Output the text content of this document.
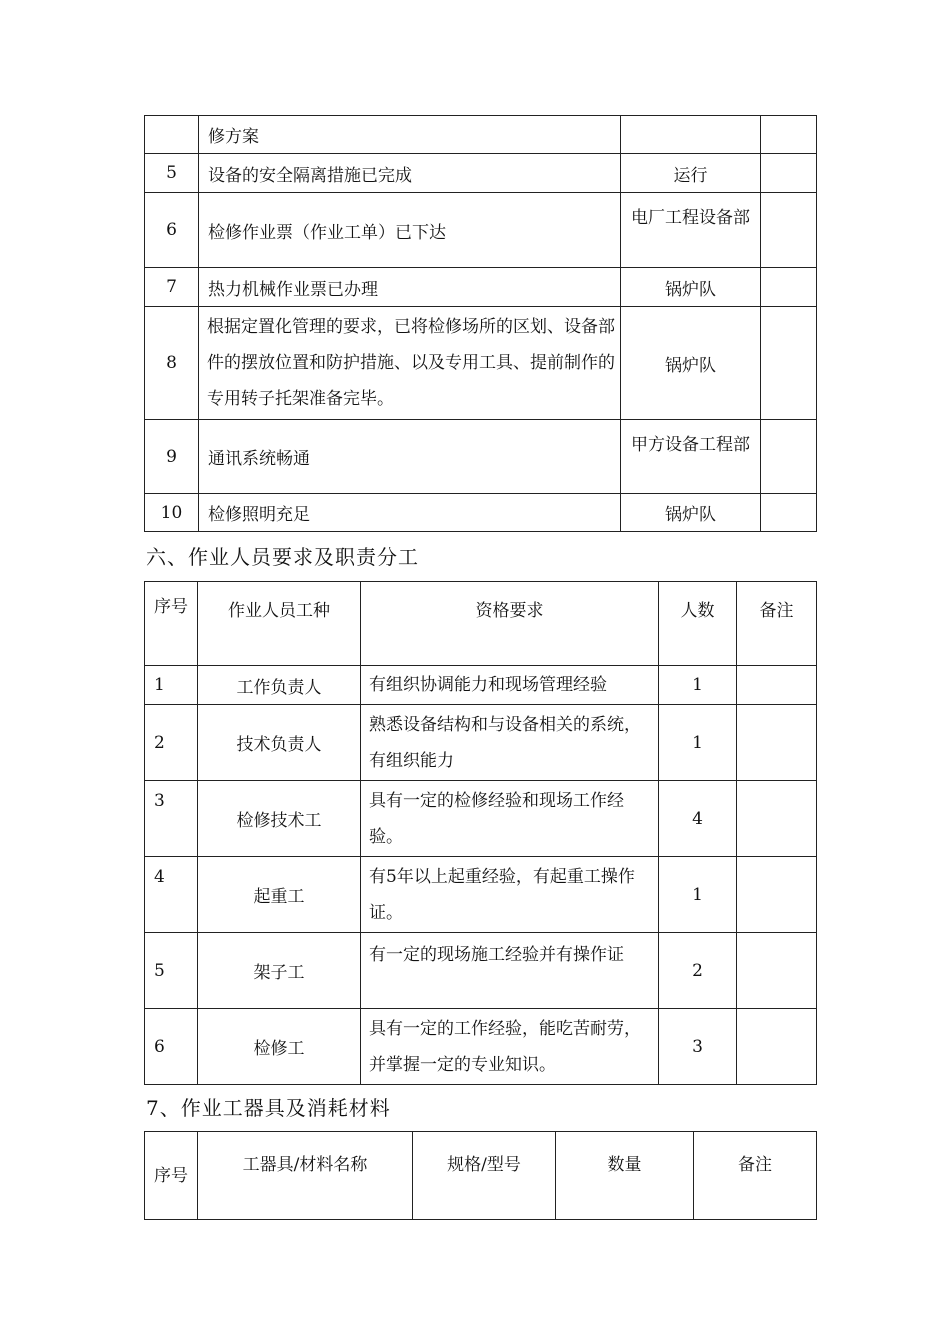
	修方案		
5	设备的安全隔离措施已完成	运行	
6	检修作业票（作业工单）已下达	电厂工程设备部	
7	热力机械作业票已办理	锅炉队	
8	根据定置化管理的要求，已将检修场所的区划、设备部件的摆放位置和防护措施、以及专用工具、提前制作的专用转子托架准备完毕。	锅炉队	
9	通讯系统畅通	甲方设备工程部	
10	检修照明充足	锅炉队	
六、作业人员要求及职责分工
序号	作业人员工种	资格要求	人数	备注
1	工作负责人	有组织协调能力和现场管理经验	1	
2	技术负责人	熟悉设备结构和与设备相关的系统，有组织能力	1	
3	检修技术工	具有一定的检修经验和现场工作经验。	4	
4	起重工	有5年以上起重经验，有起重工操作证。	1	
5	架子工	有一定的现场施工经验并有操作证	2	
6	检修工	具有一定的工作经验，能吃苦耐劳，并掌握一定的专业知识。	3	
7、作业工器具及消耗材料
序号	工器具/材料名称	规格/型号	数量	备注
